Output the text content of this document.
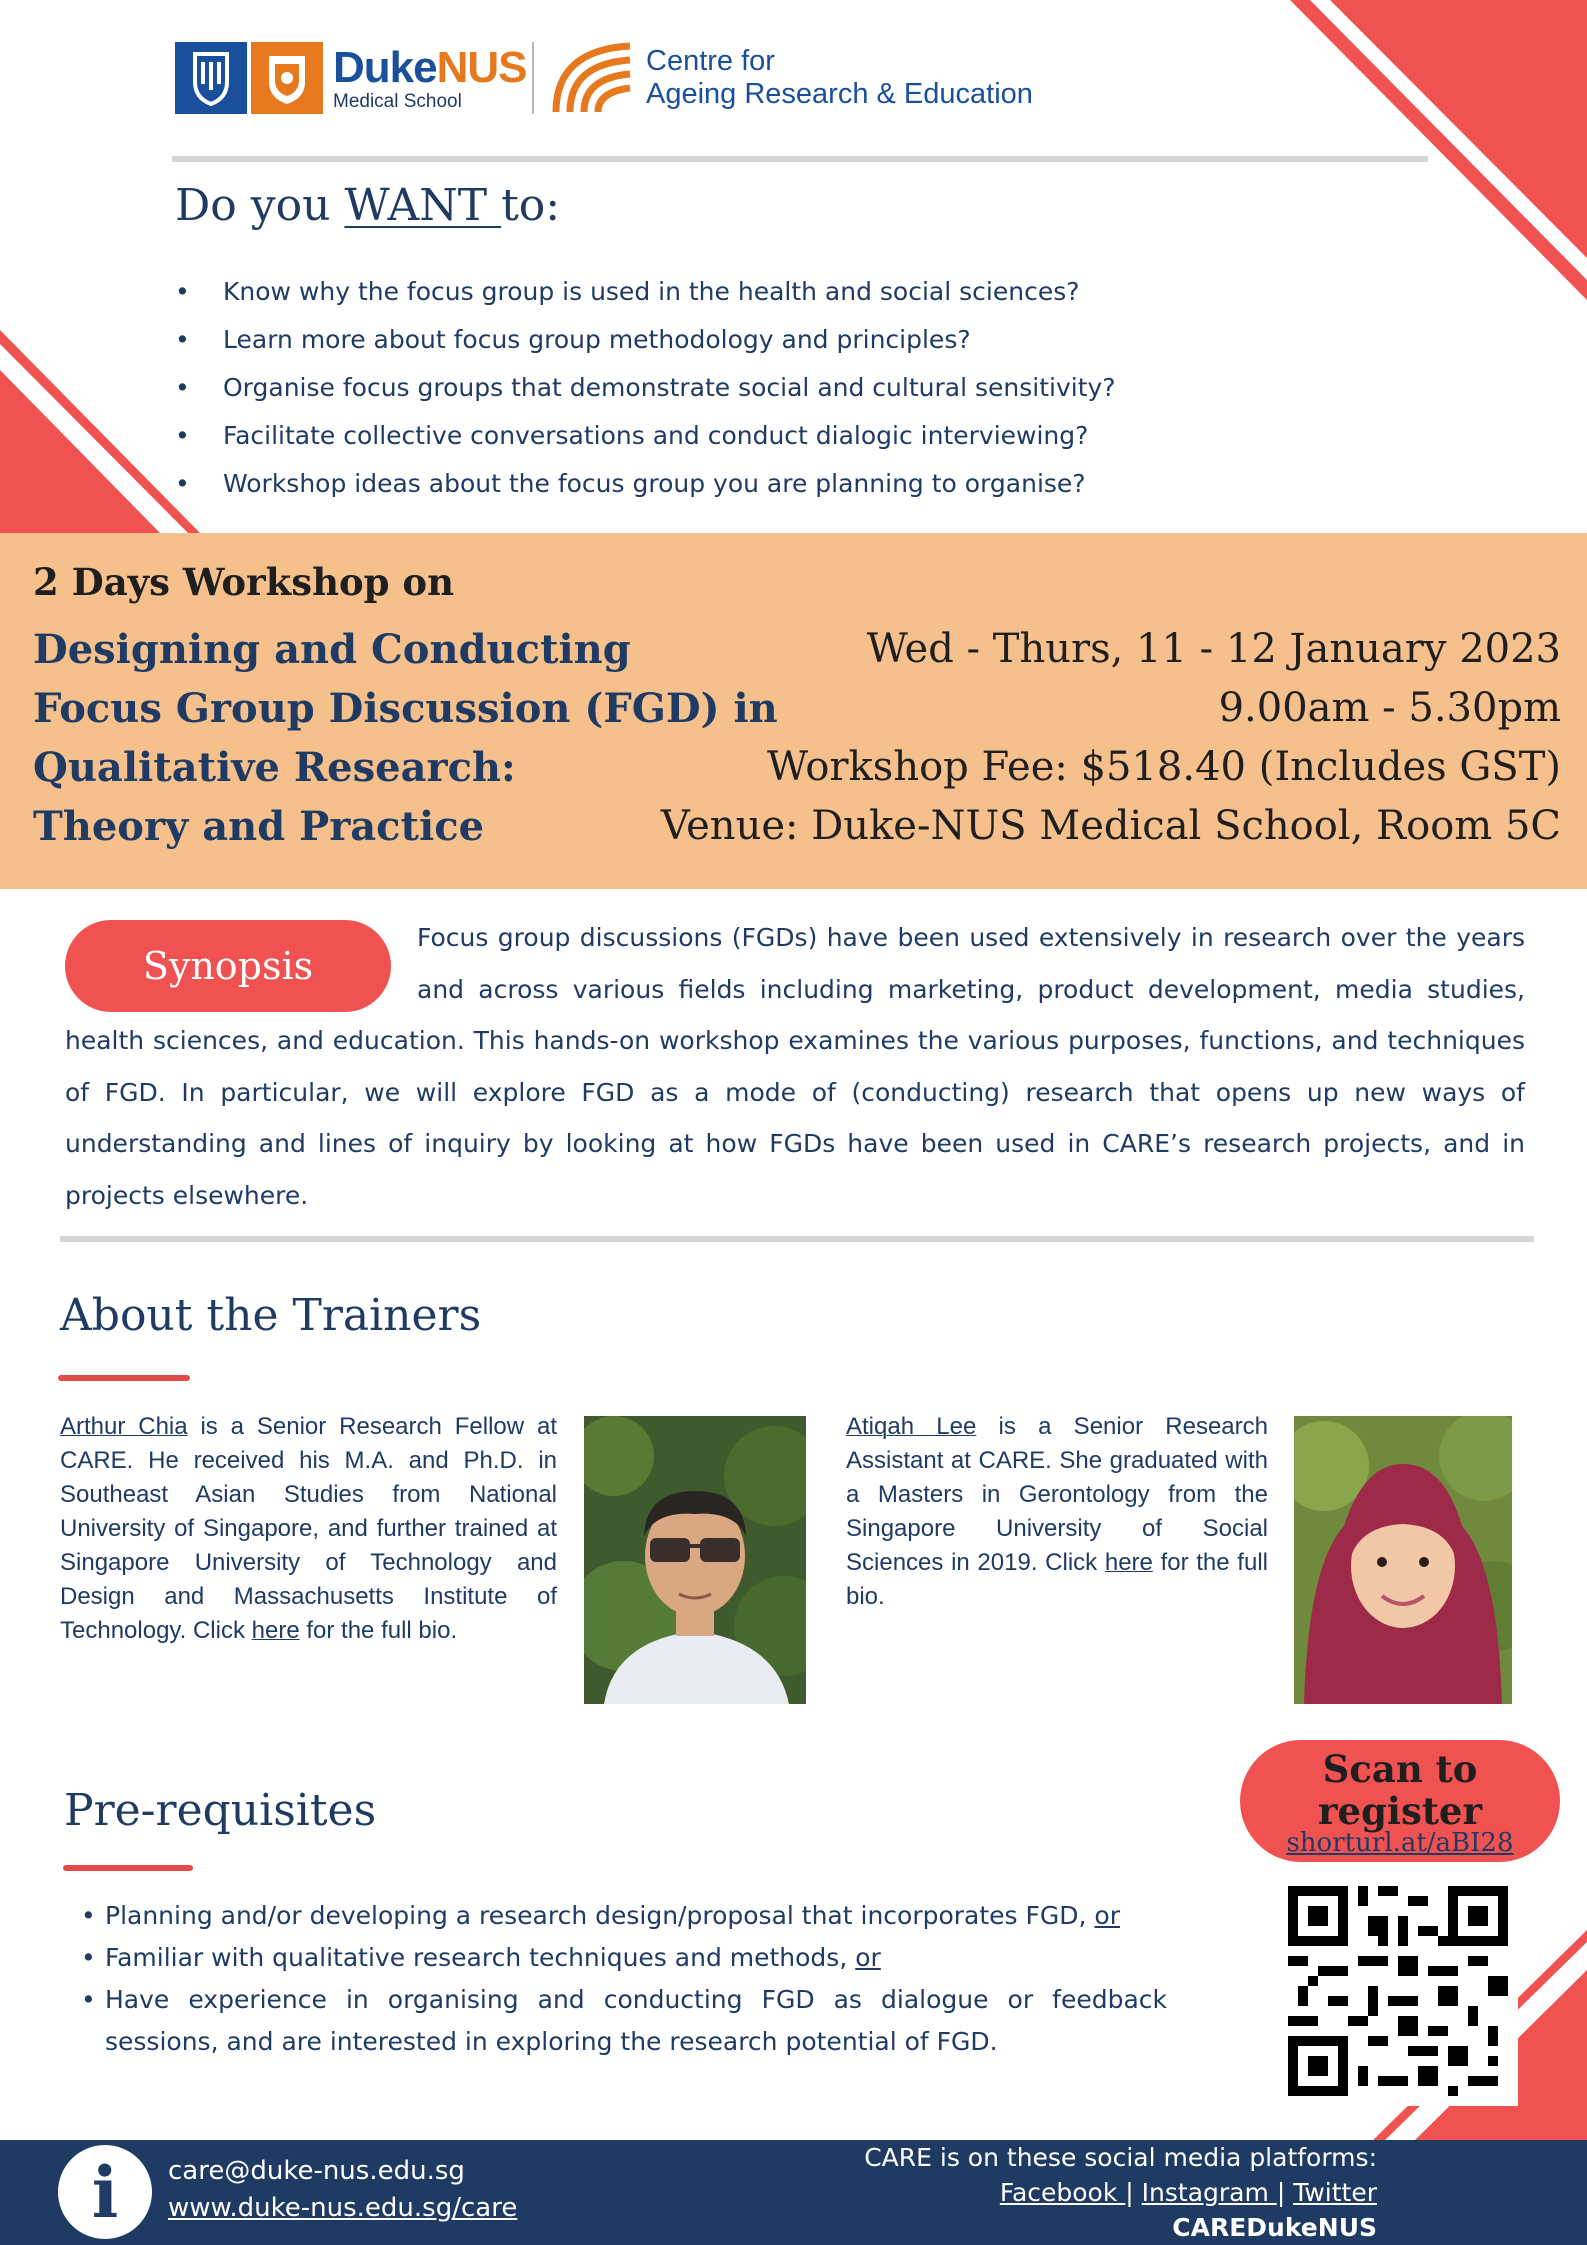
DukeNUS
Medical School
Centre for
Ageing Research & Education
Do you WANT to:
• Know why the focus group is used in the health and social sciences?
• Learn more about focus group methodology and principles?
• Organise focus groups that demonstrate social and cultural sensitivity?
• Facilitate collective conversations and conduct dialogic interviewing?
• Workshop ideas about the focus group you are planning to organise?
2 Days Workshop on
Designing and Conducting
Focus Group Discussion (FGD) in
Qualitative Research:
Theory and Practice
Wed - Thurs, 11 - 12 January 2023
9.00am - 5.30pm
Workshop Fee: $518.40 (Includes GST)
Venue: Duke-NUS Medical School, Room 5C
Focus group discussions (FGDs) have been used extensively in research over the years and across various fields including marketing, product development, media studies, health sciences, and education. This hands-on workshop examines the various purposes, functions, and techniques of FGD. In particular, we will explore FGD as a mode of (conducting) research that opens up new ways of understanding and lines of inquiry by looking at how FGDs have been used in CARE’s research projects, and in projects elsewhere.
Synopsis
About the Trainers
Arthur Chia is a Senior Research Fellow at CARE. He received his M.A. and Ph.D. in Southeast Asian Studies from National University of Singapore, and further trained at Singapore University of Technology and Design and Massachusetts Institute of Technology. Click here for the full bio.
Atiqah Lee is a Senior Research Assistant at CARE. She graduated with a Masters in Gerontology from the Singapore University of Social Sciences in 2019. Click here for the full bio.
Scan to register
shorturl.at/aBI28
Pre-requisites
• Planning and/or developing a research design/proposal that incorporates FGD, or
• Familiar with qualitative research techniques and methods, or
• Have experience in organising and conducting FGD as dialogue or feedback sessions, and are interested in exploring the research potential of FGD.
i	care@duke-nus.edu.sg
www.duke-nus.edu.sg/care
CARE is on these social media platforms:
Facebook | Instagram | Twitter
CAREDukeNUS
